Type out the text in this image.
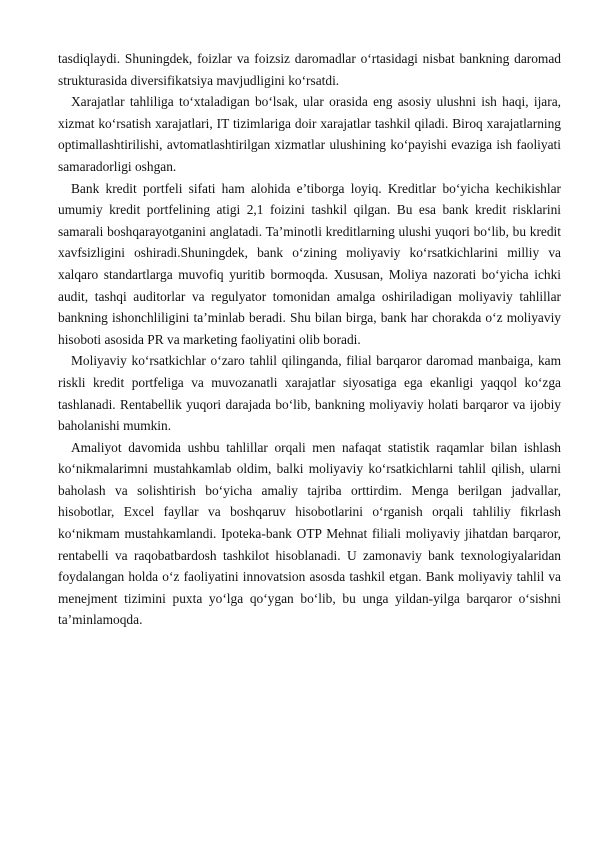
tasdiqlaydi. Shuningdek, foizlar va foizsiz daromadlar o‘rtasidagi nisbat bankning daromad strukturasida diversifikatsiya mavjudligini ko‘rsatdi.

Xarajatlar tahliliga to‘xtaladigan bo‘lsak, ular orasida eng asosiy ulushni ish haqi, ijara, xizmat ko‘rsatish xarajatlari, IT tizimlariga doir xarajatlar tashkil qiladi. Biroq xarajatlarning optimallashtirilishi, avtomatlashtirilgan xizmatlar ulushining ko‘payishi evaziga ish faoliyati samaradorligi oshgan.

Bank kredit portfeli sifati ham alohida e’tiborga loyiq. Kreditlar bo‘yicha kechikishlar umumiy kredit portfelining atigi 2,1 foizini tashkil qilgan. Bu esa bank kredit risklarini samarali boshqarayotganini anglatadi. Ta’minotli kreditlarning ulushi yuqori bo‘lib, bu kredit xavfsizligini oshiradi.Shuningdek, bank o‘zining moliyaviy ko‘rsatkichlarini milliy va xalqaro standartlarga muvofiq yuritib bormoqda. Xususan, Moliya nazorati bo‘yicha ichki audit, tashqi auditorlar va regulyator tomonidan amalga oshiriladigan moliyaviy tahlillar bankning ishonchliligini ta’minlab beradi. Shu bilan birga, bank har chorakda o‘z moliyaviy hisoboti asosida PR va marketing faoliyatini olib boradi.

Moliyaviy ko‘rsatkichlar o‘zaro tahlil qilinganda, filial barqaror daromad manbaiga, kam riskli kredit portfeliga va muvozanatli xarajatlar siyosatiga ega ekanligi yaqqol ko‘zga tashlanadi. Rentabellik yuqori darajada bo‘lib, bankning moliyaviy holati barqaror va ijobiy baholanishi mumkin.

Amaliyot davomida ushbu tahlillar orqali men nafaqat statistik raqamlar bilan ishlash ko‘nikmalarimni mustahkamlab oldim, balki moliyaviy ko‘rsatkichlarni tahlil qilish, ularni baholash va solishtirish bo‘yicha amaliy tajriba orttirdim. Menga berilgan jadvallar, hisobotlar, Excel fayllar va boshqaruv hisobotlarini o‘rganish orqali tahliliy fikrlash ko‘nikmam mustahkamlandi. Ipoteka-bank OTP Mehnat filiali moliyaviy jihatdan barqaror, rentabelli va raqobatbardosh tashkilot hisoblanadi. U zamonaviy bank texnologiyalaridan foydalangan holda o‘z faoliyatini innovatsion asosda tashkil etgan. Bank moliyaviy tahlil va menejment tizimini puxta yo‘lga qo‘ygan bo‘lib, bu unga yildan-yilga barqaror o‘sishni ta’minlamoqda.
